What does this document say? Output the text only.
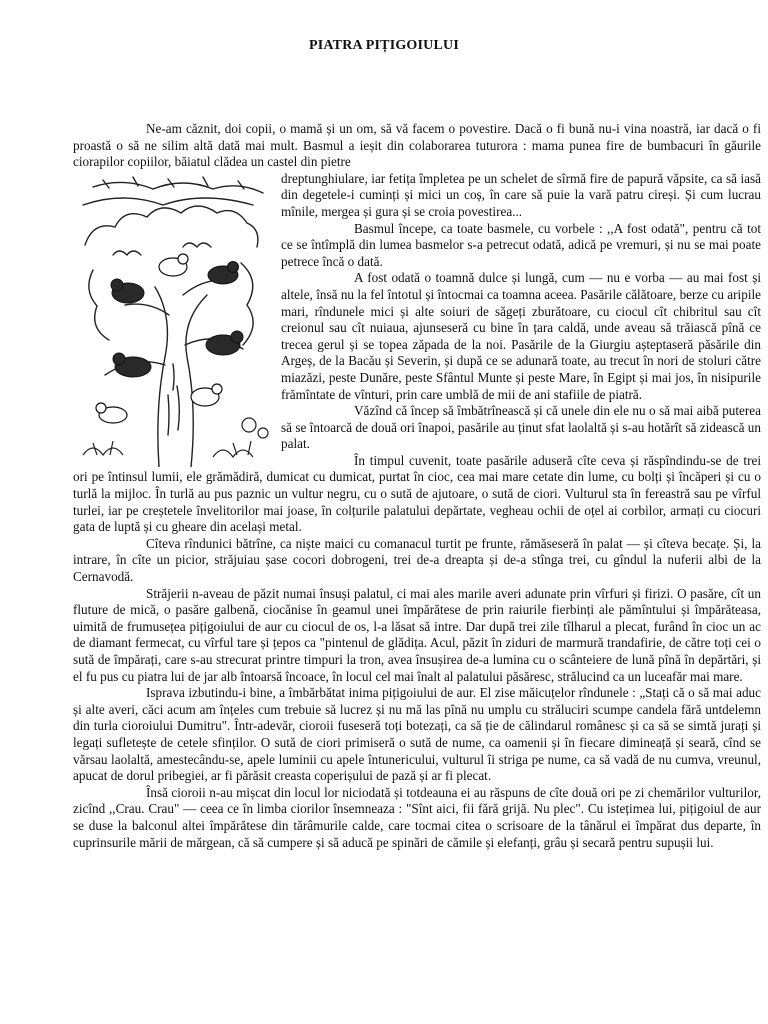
PIATRA PIȚIGOIULUI

Ne-am căznit, doi copii, o mamă și un om, să vă facem o povestire. Dacă o fi bună nu-i vina noastră, iar dacă o fi proastă o să ne silim altă dată mai mult. Basmul a ieșit din colaborarea tuturora : mama punea fire de bumbacuri în găurile ciorapilor copiilor, băiatul clădea un castel din pietre

dreptunghiulare, iar fetița împletea pe un schelet de sîrmă fire de papură văpsite, ca să iasă din degetele-i cuminți și mici un coș, în care să puie la vară patru cireși. Și cum lucrau mînile, mergea și gura și se croia povestirea...

Basmul începe, ca toate basmele, cu vorbele : ,,A fost odată", pentru că tot ce se întîmplă din lumea basmelor s-a petrecut odată, adică pe vremuri, și nu se mai poate petrece încă o dată.

A fost odată o toamnă dulce și lungă, cum — nu e vorba — au mai fost și altele, însă nu la fel întotul și întocmai ca toamna aceea. Pasările călătoare, berze cu aripile mari, rîndunele mici și alte soiuri de săgeți zburătoare, cu ciocul cît chibritul sau cît creionul sau cît nuiaua, ajunseseră cu bine în țara caldă, unde aveau să trăiască pînă ce trecea gerul și se topea zăpada de la noi. Pasările de la Giurgiu așteptaseră păsările din Argeș, de la Bacău și Severin, și după ce se adunară toate, au trecut în nori de stoluri către miazăzi, peste Dunăre, peste Sfântul Munte și peste Mare, în Egipt și mai jos, în nisipurile frămîntate de vînturi, prin care umblă de mii de ani stafiile de piatră.

Văzînd că încep să îmbătrînească și că unele din ele nu o să mai aibă puterea să se întoarcă de două ori înapoi, pasările au ținut sfat laolaltă și s-au hotărît să zidească un palat.

În timpul cuvenit, toate pasările aduseră cîte ceva și răspîndindu-se de trei ori pe întinsul lumii, ele grămădiră, dumicat cu dumicat, purtat în cioc, cea mai mare cetate din lume, cu bolți și încăperi și cu o turlă la mijloc. În turlă au pus paznic un vultur negru, cu o sută de ajutoare, o sută de ciori. Vulturul sta în fereastră sau pe vîrful turlei, iar pe creștetele învelitorilor mai joase, în colțurile palatului depărtate, vegheau ochii de oțel ai corbilor, armați cu ciocuri gata de luptă și cu gheare din același metal.

Cîteva rîndunici bătrîne, ca niște maici cu comanacul turtit pe frunte, rămăseseră în palat — și cîteva becațe. Și, la intrare, în cîte un picior, străjuiau șase cocori dobrogeni, trei de-a dreapta și de-a stînga trei, cu gîndul la nuferii albi de la Cernavodă.

Străjerii n-aveau de păzit numai însuși palatul, ci mai ales marile averi adunate prin vîrfuri și firizi. O pasăre, cît un fluture de mică, o pasăre galbenă, ciocănise în geamul unei împărătese de prin raiurile fierbinți ale pămîntului și împărăteasa, uimită de frumusețea pițigoiului de aur cu ciocul de os, l-a lăsat să intre. Dar după trei zile tîlharul a plecat, furând în cioc un ac de diamant fermecat, cu vîrful tare și țepos ca "pintenul de glădița. Acul, păzit în ziduri de marmură trandafirie, de către toți cei o sută de împărați, care s-au strecurat printre timpuri la tron, avea însușirea de-a lumina cu o scânteiere de lună pînă în depărtări, și el fu pus cu piatra lui de jar alb întoarsă încoace, în locul cel mai înalt al palatului păsăresc, strălucind ca un luceafăr mai mare.

Isprava izbutindu-i bine, a îmbărbătat inima pițigoiului de aur. El zise măicuțelor rîndunele : „Stați că o să mai aduc și alte averi, căci acum am înțeles cum trebuie să lucrez și nu mă las pînă nu umplu cu străluciri scumpe candela fără untdelemn din turla cioroiului Dumitru". Într-adevăr, cioroii fuseseră toți botezați, ca să ție de călindarul românesc și ca să se simtă jurați și legați sufletește de cetele sfinților. O sută de ciori primiseră o sută de nume, ca oamenii și în fiecare dimineață și seară, cînd se vărsau laolaltă, amestecându-se, apele luminii cu apele întunericului, vulturul îi striga pe nume, ca să vadă de nu cumva, vreunul, apucat de dorul pribegiei, ar fi părăsit creasta coperișului de pază și ar fi plecat.

Însă cioroii n-au mișcat din locul lor niciodată și totdeauna ei au răspuns de cîte două ori pe zi chemărilor vulturilor, zicînd ,,Crau. Crau" — ceea ce în limba ciorilor însemneaza : "Sînt aici, fii fără grijă. Nu plec". Cu istețimea lui, pițigoiul de aur se duse la balconul altei împărătese din tărâmurile calde, care tocmai citea o scrisoare de la tânărul ei împărat dus departe, în cuprinsurile mării de mărgean, că să cumpere și să aducă pe spinări de cămile și elefanți, grâu și secară pentru supușii lui.
